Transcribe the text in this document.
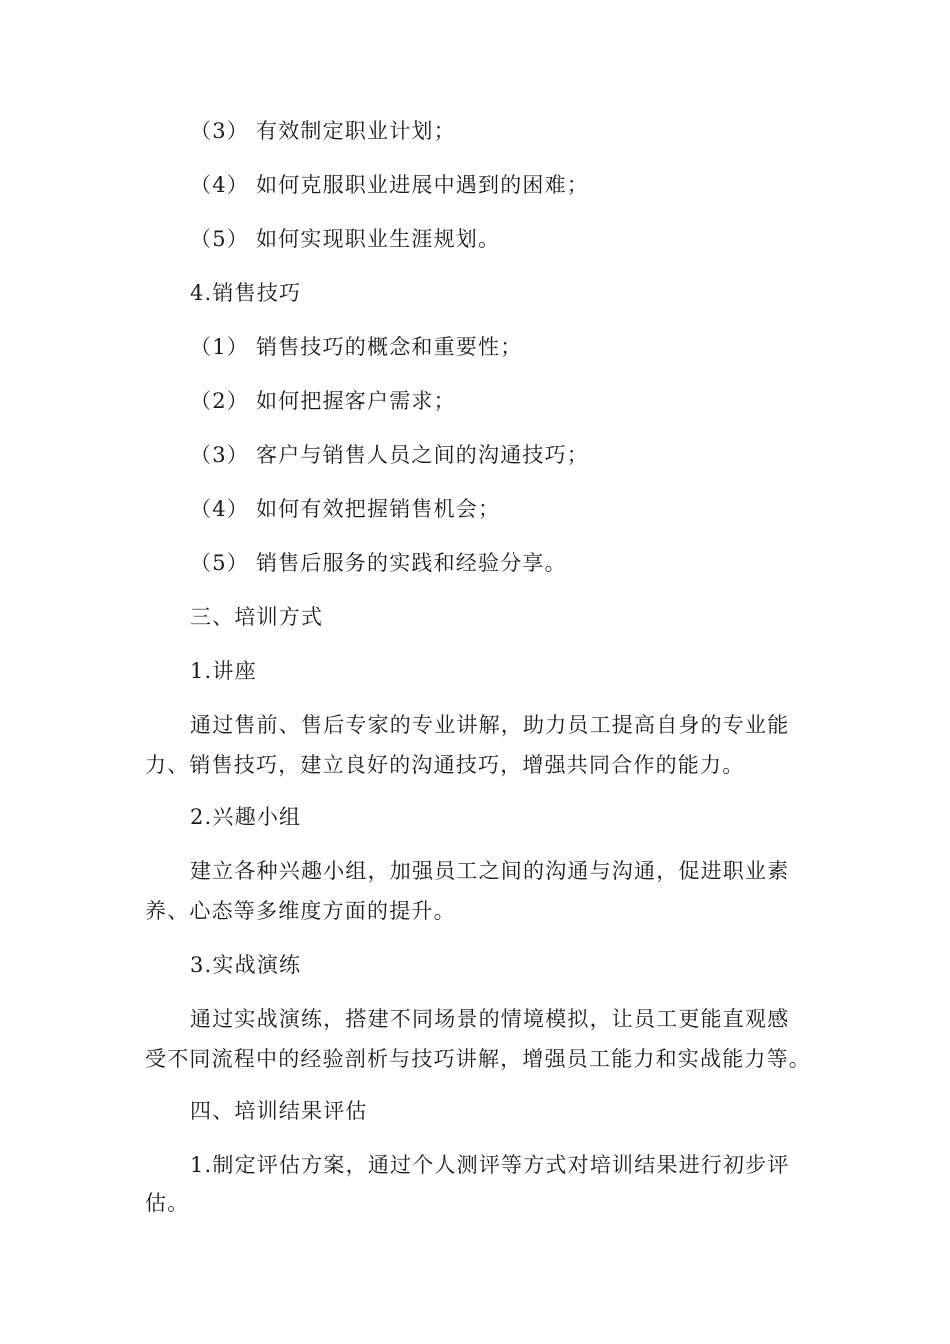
（3） 有效制定职业计划；
（4） 如何克服职业进展中遇到的困难；
（5） 如何实现职业生涯规划。
4.销售技巧
（1） 销售技巧的概念和重要性；
（2） 如何把握客户需求；
（3） 客户与销售人员之间的沟通技巧；
（4） 如何有效把握销售机会；
（5） 销售后服务的实践和经验分享。
三、培训方式
1.讲座
通过售前、售后专家的专业讲解，助力员工提高自身的专业能
力、销售技巧，建立良好的沟通技巧，增强共同合作的能力。
2.兴趣小组
建立各种兴趣小组，加强员工之间的沟通与沟通，促进职业素
养、心态等多维度方面的提升。
3.实战演练
通过实战演练，搭建不同场景的情境模拟，让员工更能直观感
受不同流程中的经验剖析与技巧讲解，增强员工能力和实战能力等。
四、培训结果评估
1.制定评估方案，通过个人测评等方式对培训结果进行初步评
估。
